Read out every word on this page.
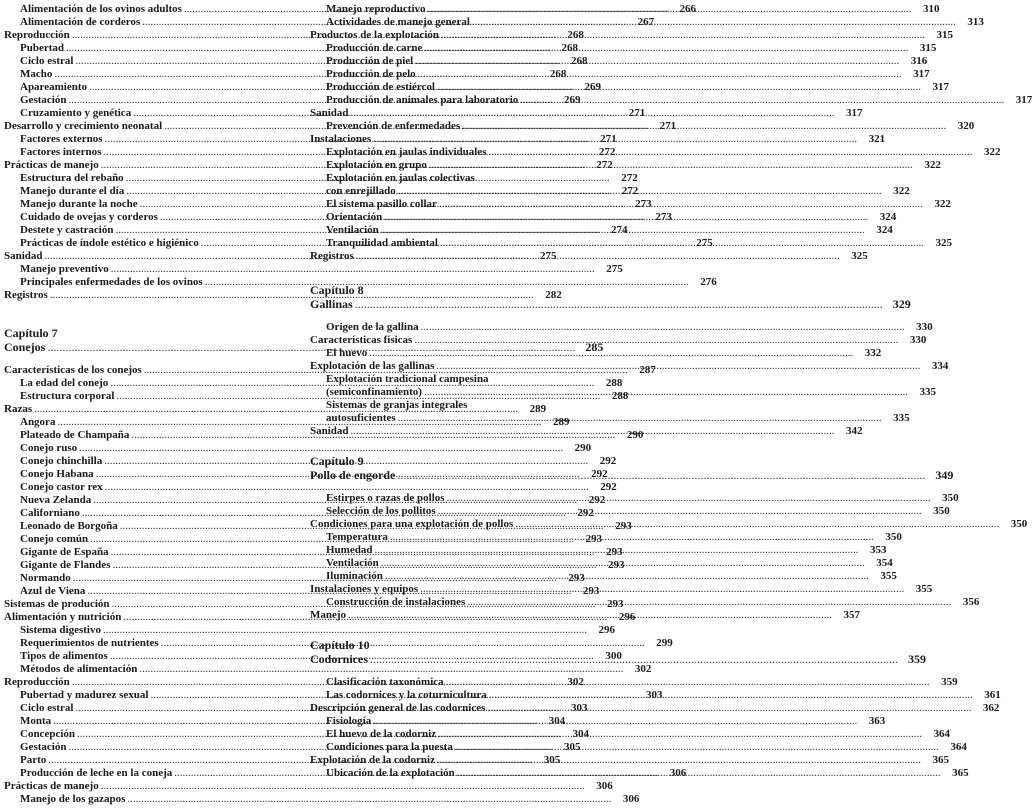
Alimentación de los ovinos adultos .....	266
Alimentación de corderos .....	267
Reproducción .....	268
Pubertad .....	268
Ciclo estral .....	268
Macho .....	268
Apareamiento .....	269
Gestación .....	269
Cruzamiento y genética .....	271
Desarrollo y crecimiento neonatal .....	271
Factores externos .....	271
Factores internos .....	272
Prácticas de manejo .....	272
Estructura del rebaño .....	272
Manejo durante el día .....	272
Manejo durante la noche .....	273
Cuidado de ovejas y corderos .....	273
Destete y castración .....	274
Prácticas de índole estético e higiénico .....	275
Sanidad .....	275
Manejo preventivo .....	275
Principales enfermedades de los ovinos .....	276
Registros .....	282
Capítulo 7
Conejos .....	285
Características de los conejos .....	287
La edad del conejo .....	288
Estructura corporal .....	288
Razas .....	289
Angora .....	289
Plateado de Champaña .....	290
Conejo ruso .....	290
Conejo chinchilla .....	292
Conejo Habana .....	292
Conejo castor rex .....	292
Nueva Zelanda .....	292
Californiano .....	292
Leonado de Borgoña .....	293
Conejo común .....	293
Gigante de España .....	293
Gigante de Flandes .....	293
Normando .....	293
Azul de Viena .....	293
Sistemas de produción .....	293
Alimentación y nutrición .....	296
Sistema digestivo .....	296
Requerimientos de nutrientes .....	299
Tipos de alimentos .....	300
Métodos de alimentación .....	302
Reproducción .....	302
Pubertad y madurez sexual .....	303
Ciclo estral .....	303
Monta .....	304
Concepción .....	304
Gestación .....	305
Parto .....	305
Producción de leche en la coneja .....	306
Prácticas de manejo .....	306
Manejo de los gazapos .....	306
Manejo reproductivo .....	310
Actividades de manejo general .....	313
Productos de la explotación .....	315
Producción de carne .....	315
Producción de piel .....	316
Producción de pelo .....	317
Producción de estiércol .....	317
Producción de animales para laboratorio .....	317
Sanidad .....	317
Prevención de enfermedades .....	320
Instalaciones .....	321
Explotación en jaulas individuales .....	322
Explotación en grupo .....	322
Explotación en jaulas colectivas
con enrejillado .....	322
El sistema pasillo collar .....	322
Orientación .....	324
Ventilación .....	324
Tranquilidad ambiental .....	325
Registros .....	325
Capítulo 8
Gallinas .....	329
Origen de la gallina .....	330
Características físicas .....	330
El huevo .....	332
Explotación de las gallinas .....	334
Explotación tradicional campesina
(semiconfinamiento) .....	335
Sistemas de granjas integrales
autosuficientes .....	335
Sanidad .....	342
Capítulo 9
Pollo de engorde .....	349
Estirpes o razas de pollos .....	350
Selección de los pollitos .....	350
Condiciones para una explotación de pollos .....	350
Temperatura .....	350
Humedad .....	353
Ventilación .....	354
Iluminación .....	355
Instalaciones y equipos .....	355
Construcción de instalaciones .....	356
Manejo .....	357
Capítulo 10
Codornices .....	359
Clasificación taxonómica .....	359
Las codornices y la coturnicultura .....	361
Descripción general de las codornices .....	362
Fisiología .....	363
El huevo de la codorniz .....	364
Condiciones para la puesta .....	364
Explotación de la codorniz .....	365
Ubicación de la explotación .....	365
